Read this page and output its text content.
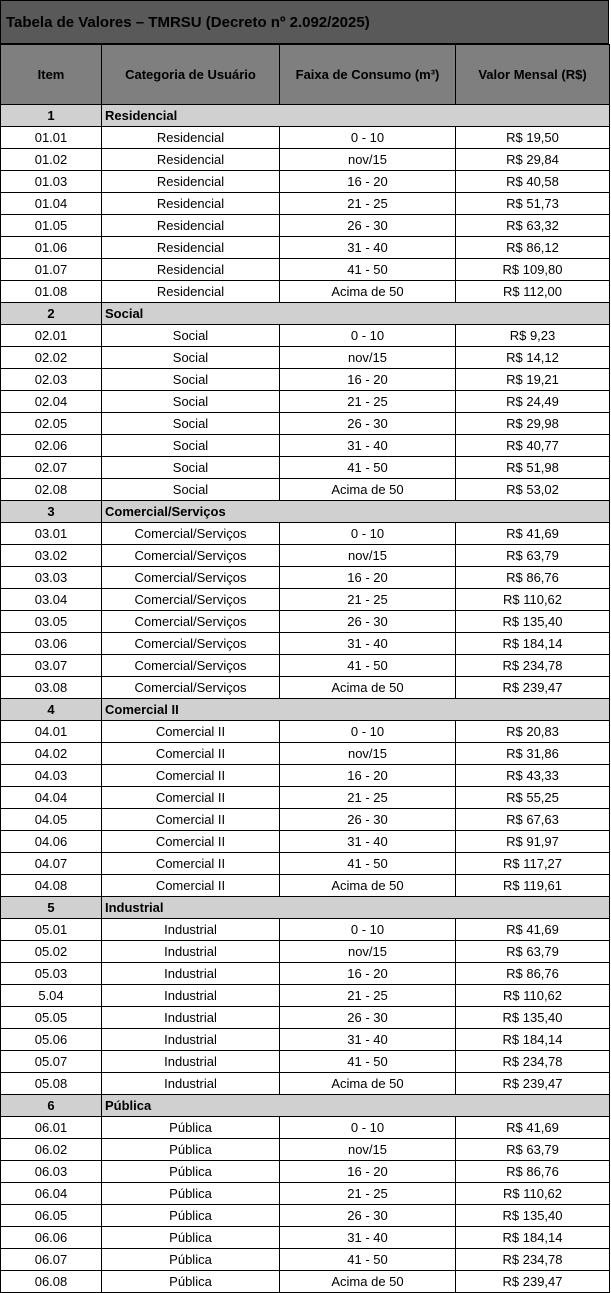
Tabela de Valores – TMRSU (Decreto nº 2.092/2025)
Item	Categoria de Usuário	Faixa de Consumo (m³)	Valor Mensal (R$)
1	Residencial		
01.01	Residencial	0 - 10	R$ 19,50
01.02	Residencial	nov/15	R$ 29,84
01.03	Residencial	16 - 20	R$ 40,58
01.04	Residencial	21 - 25	R$ 51,73
01.05	Residencial	26 - 30	R$ 63,32
01.06	Residencial	31 - 40	R$ 86,12
01.07	Residencial	41 - 50	R$ 109,80
01.08	Residencial	Acima de 50	R$ 112,00
2	Social		
02.01	Social	0 - 10	R$ 9,23
02.02	Social	nov/15	R$ 14,12
02.03	Social	16 - 20	R$ 19,21
02.04	Social	21 - 25	R$ 24,49
02.05	Social	26 - 30	R$ 29,98
02.06	Social	31 - 40	R$ 40,77
02.07	Social	41 - 50	R$ 51,98
02.08	Social	Acima de 50	R$ 53,02
3	Comercial/Serviços		
03.01	Comercial/Serviços	0 - 10	R$ 41,69
03.02	Comercial/Serviços	nov/15	R$ 63,79
03.03	Comercial/Serviços	16 - 20	R$ 86,76
03.04	Comercial/Serviços	21 - 25	R$ 110,62
03.05	Comercial/Serviços	26 - 30	R$ 135,40
03.06	Comercial/Serviços	31 - 40	R$ 184,14
03.07	Comercial/Serviços	41 - 50	R$ 234,78
03.08	Comercial/Serviços	Acima de 50	R$ 239,47
4	Comercial II		
04.01	Comercial II	0 - 10	R$ 20,83
04.02	Comercial II	nov/15	R$ 31,86
04.03	Comercial II	16 - 20	R$ 43,33
04.04	Comercial II	21 - 25	R$ 55,25
04.05	Comercial II	26 - 30	R$ 67,63
04.06	Comercial II	31 - 40	R$ 91,97
04.07	Comercial II	41 - 50	R$ 117,27
04.08	Comercial II	Acima de 50	R$ 119,61
5	Industrial		
05.01	Industrial	0 - 10	R$ 41,69
05.02	Industrial	nov/15	R$ 63,79
05.03	Industrial	16 - 20	R$ 86,76
5.04	Industrial	21 - 25	R$ 110,62
05.05	Industrial	26 - 30	R$ 135,40
05.06	Industrial	31 - 40	R$ 184,14
05.07	Industrial	41 - 50	R$ 234,78
05.08	Industrial	Acima de 50	R$ 239,47
6	Pública		
06.01	Pública	0 - 10	R$ 41,69
06.02	Pública	nov/15	R$ 63,79
06.03	Pública	16 - 20	R$ 86,76
06.04	Pública	21 - 25	R$ 110,62
06.05	Pública	26 - 30	R$ 135,40
06.06	Pública	31 - 40	R$ 184,14
06.07	Pública	41 - 50	R$ 234,78
06.08	Pública	Acima de 50	R$ 239,47
